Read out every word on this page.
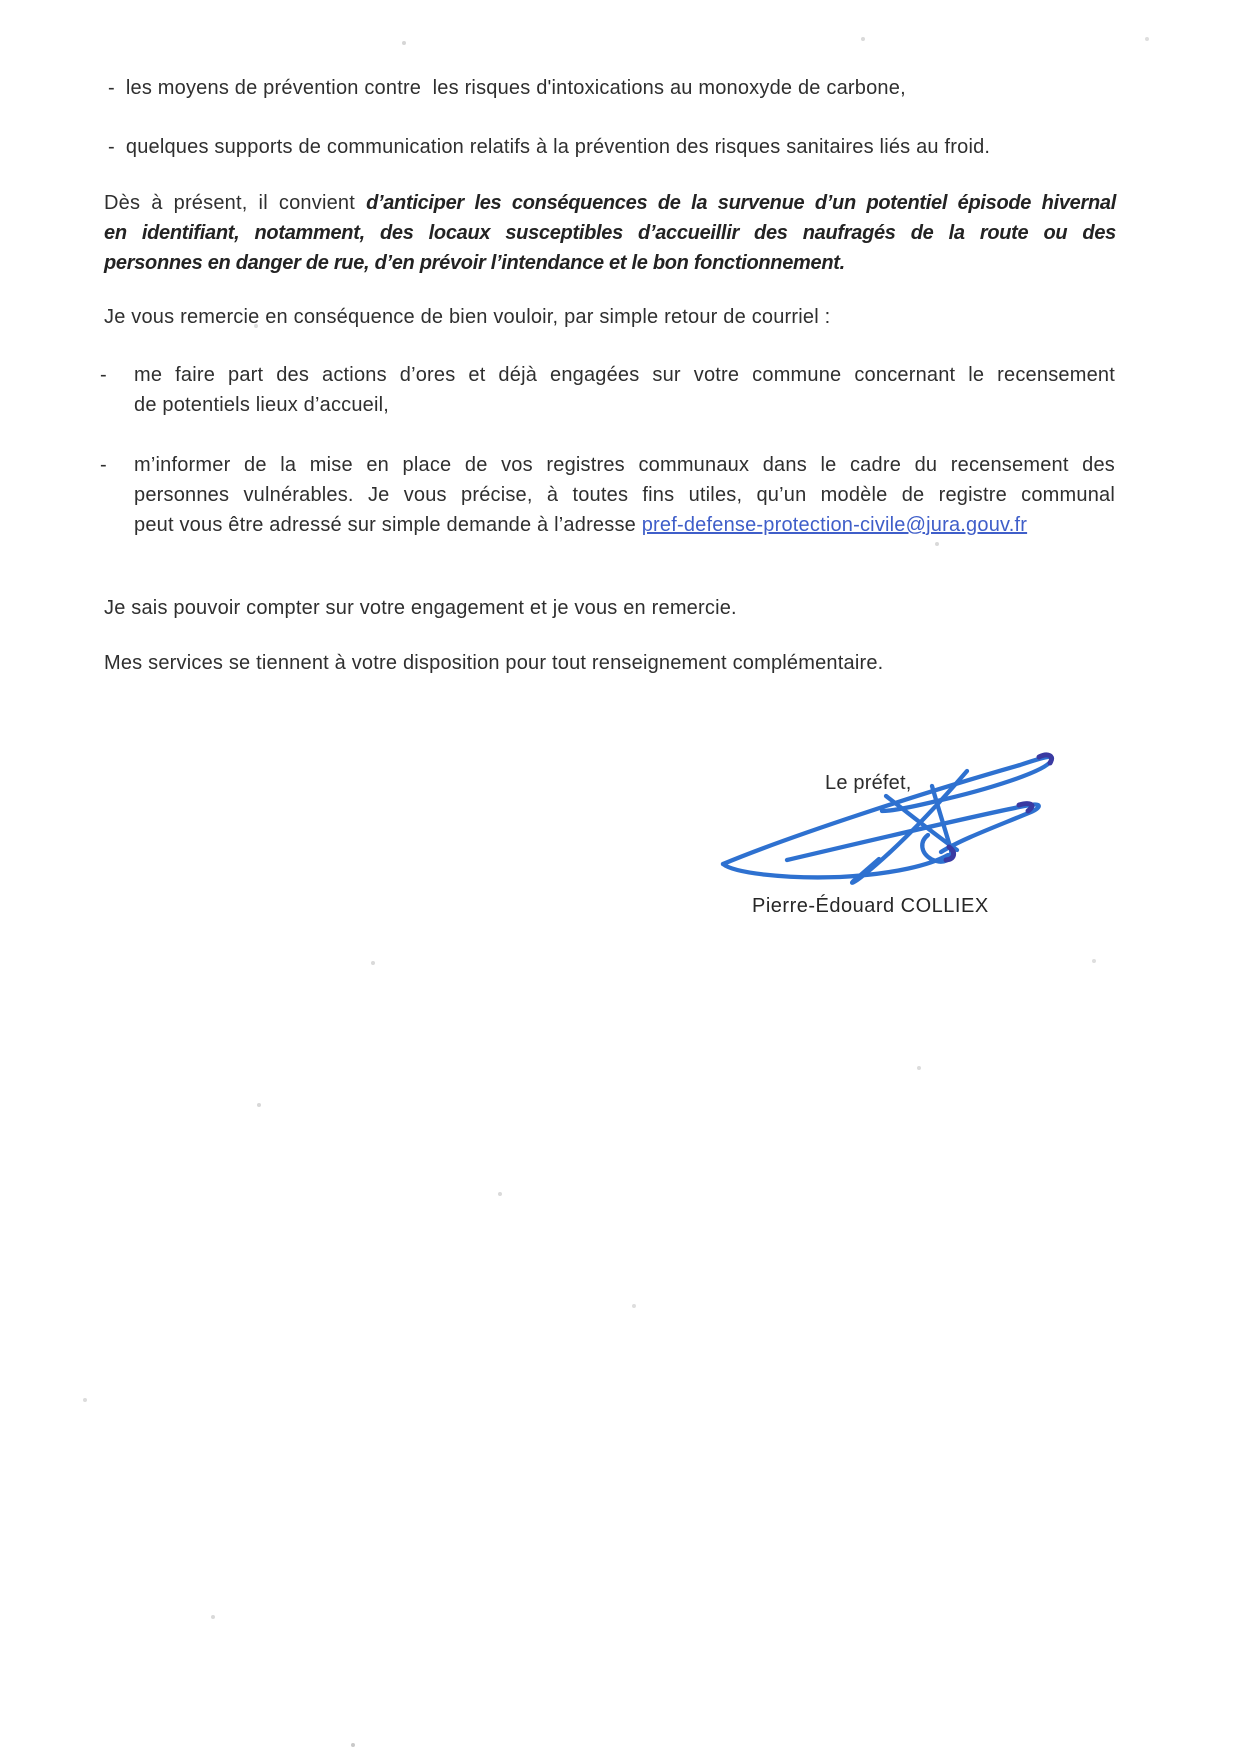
- les moyens de prévention contre  les risques d'intoxications au monoxyde de carbone,
- quelques supports de communication relatifs à la prévention des risques sanitaires liés au froid.
Dès à présent, il convient d’anticiper les conséquences de la survenue d’un potentiel épisode hivernal
en identifiant, notamment, des locaux susceptibles d’accueillir des naufragés de la route ou des
personnes en danger de rue, d’en prévoir l’intendance et le bon fonctionnement.
Je vous remercie en conséquence de bien vouloir, par simple retour de courriel :
- me faire part des actions d’ores et déjà engagées sur votre commune concernant le recensement
de potentiels lieux d’accueil,
- m’informer de la mise en place de vos registres communaux dans le cadre du recensement des
personnes vulnérables. Je vous précise, à toutes fins utiles, qu’un modèle de registre communal
peut vous être adressé sur simple demande à l’adresse pref-defense-protection-civile@jura.gouv.fr
Je sais pouvoir compter sur votre engagement et je vous en remercie.
Mes services se tiennent à votre disposition pour tout renseignement complémentaire.
Le préfet,
Pierre-Édouard COLLIEX
